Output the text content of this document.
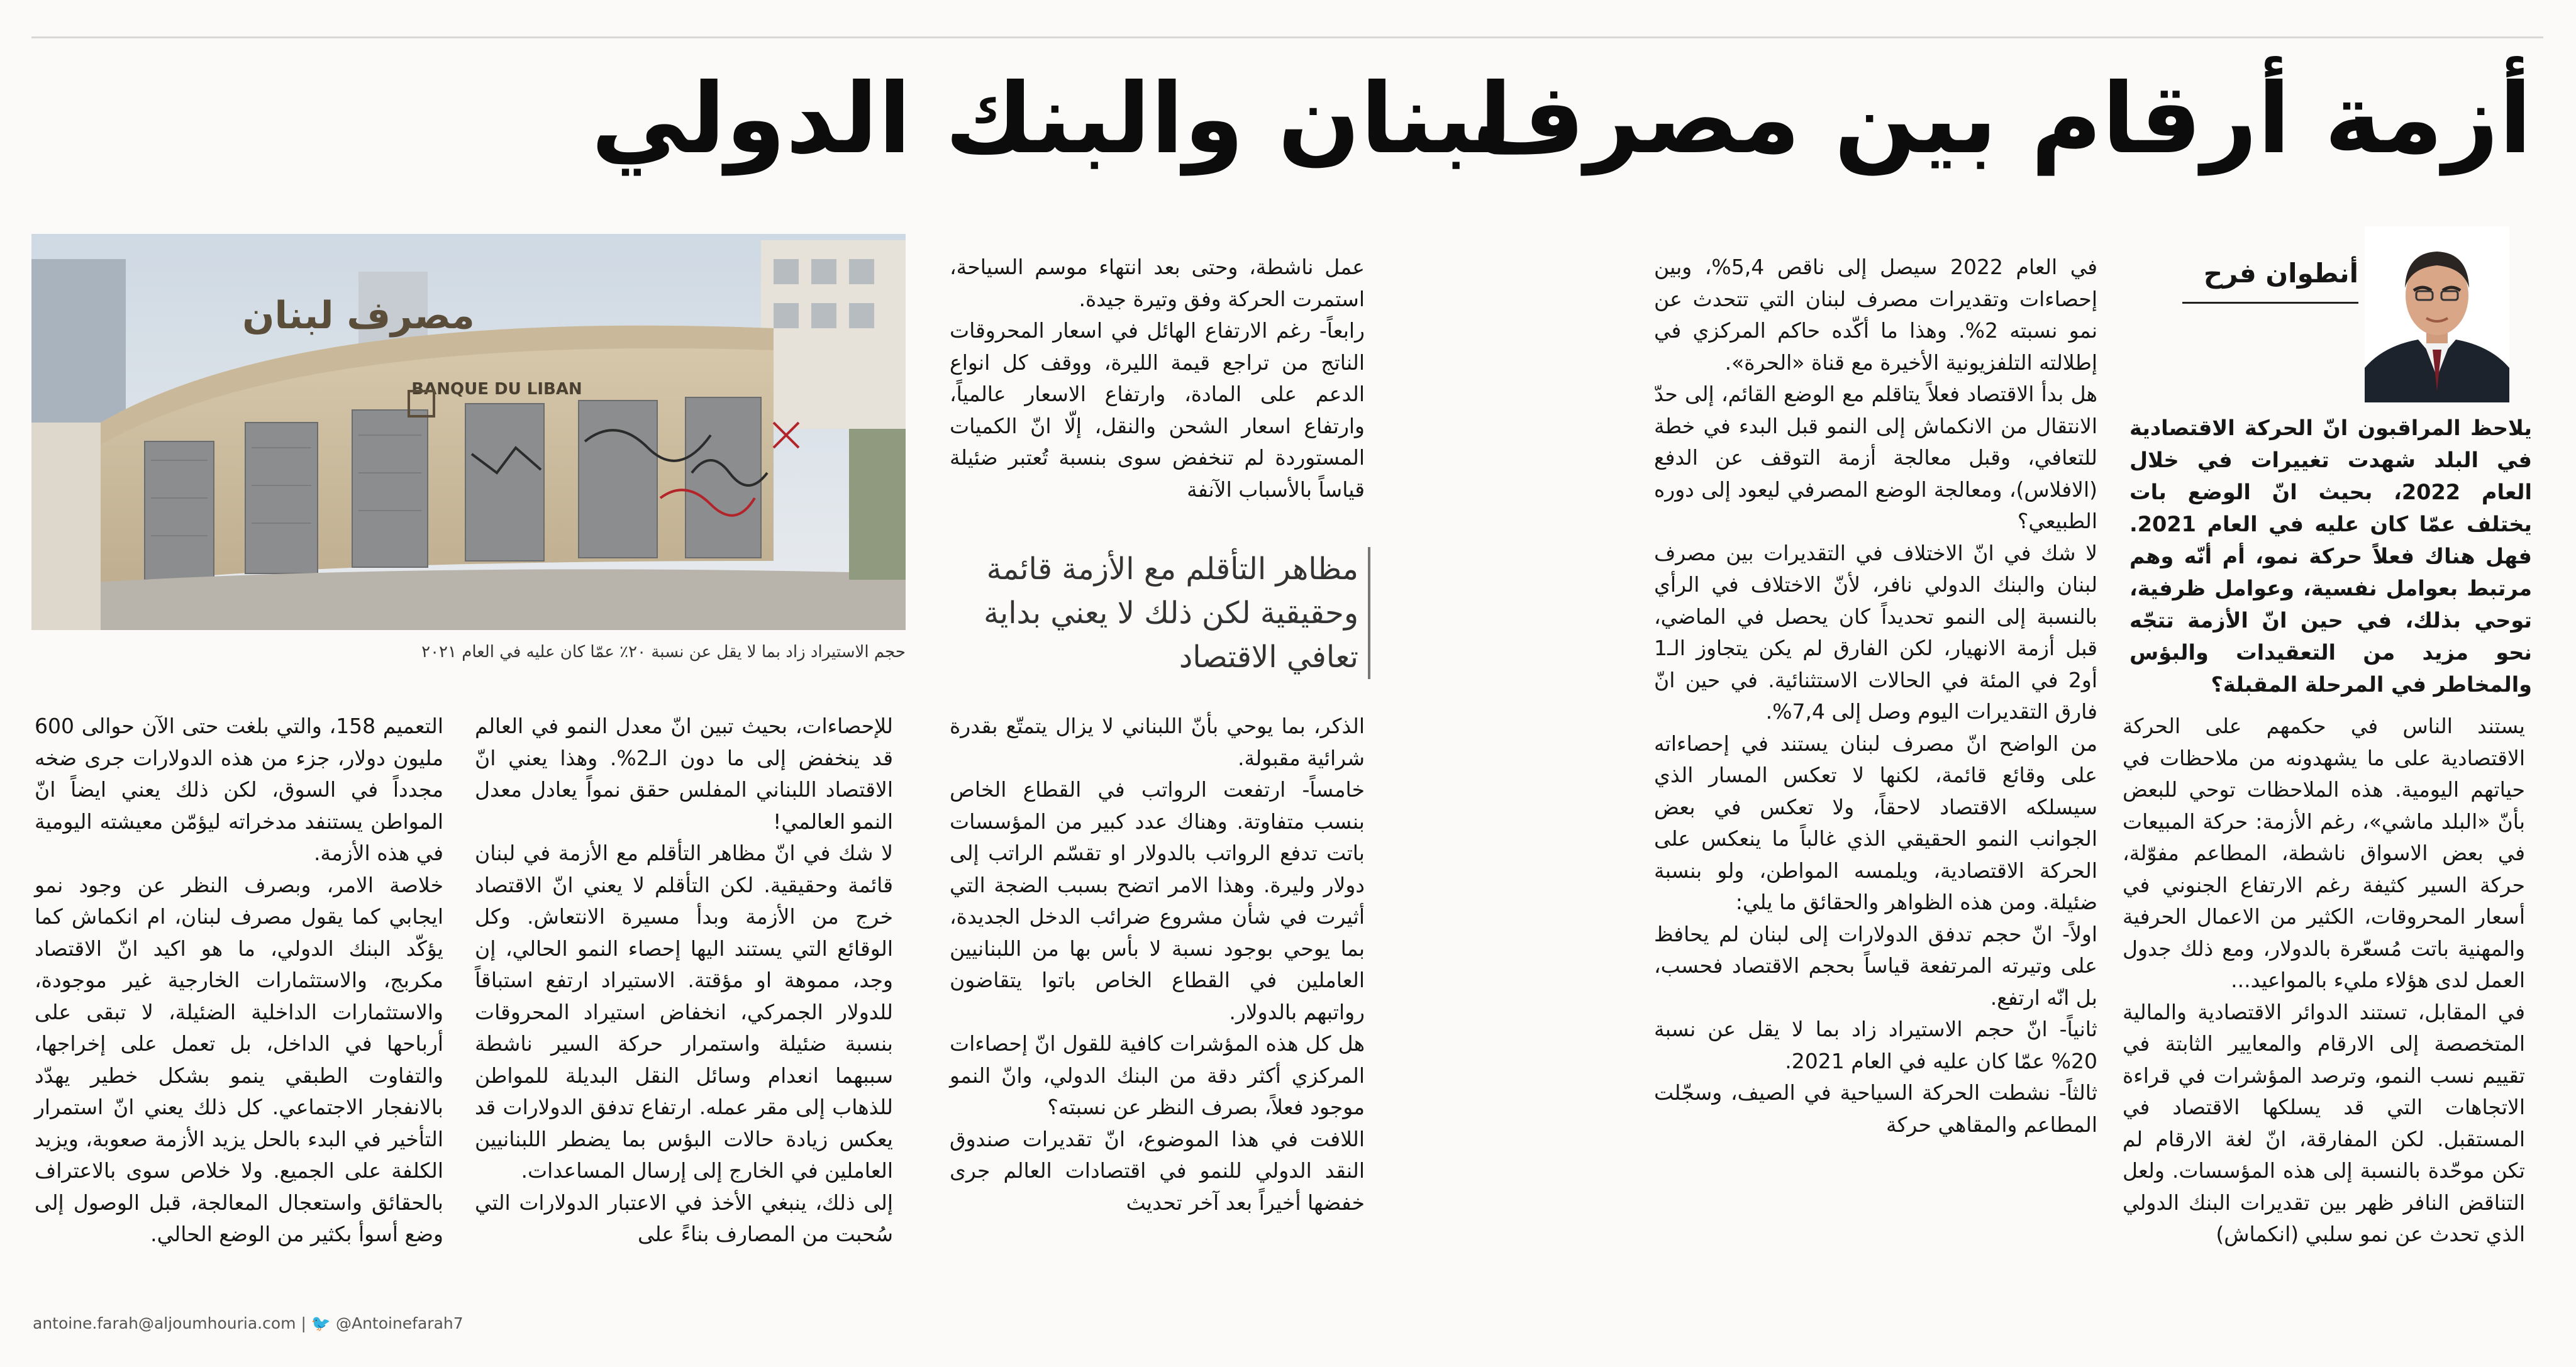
أزمة أرقام بين مصرف
لبنان والبنك الدولي
أنطوان فرح
يلاحظ المراقبون انّ الحركة الاقتصادية في البلد شهدت تغييرات في خلال العام 2022، بحيث انّ الوضع بات يختلف عمّا كان عليه في العام 2021. فهل هناك فعلاً حركة نمو، أم أنّه وهم مرتبط بعوامل نفسية، وعوامل ظرفية، توحي بذلك، في حين انّ الأزمة تتجّه نحو مزيد من التعقيدات والبؤس والمخاطر في المرحلة المقبلة؟

يستند الناس في حكمهم على الحركة الاقتصادية على ما يشهدونه من ملاحظات في حياتهم اليومية. هذه الملاحظات توحي للبعض بأنّ «البلد ماشي»، رغم الأزمة: حركة المبيعات في بعض الاسواق ناشطة، المطاعم مفوّلة، حركة السير كثيفة رغم الارتفاع الجنوني في أسعار المحروقات، الكثير من الاعمال الحرفية والمهنية باتت مُسعّرة بالدولار، ومع ذلك جدول العمل لدى هؤلاء مليء بالمواعيد...

في المقابل، تستند الدوائر الاقتصادية والمالية المتخصصة إلى الارقام والمعايير الثابتة في تقييم نسب النمو، وترصد المؤشرات في قراءة الاتجاهات التي قد يسلكها الاقتصاد في المستقبل. لكن المفارقة، انّ لغة الارقام لم تكن موحّدة بالنسبة إلى هذه المؤسسات. ولعل التناقض النافر ظهر بين تقديرات البنك الدولي الذي تحدث عن نمو سلبي (انكماش)

في العام 2022 سيصل إلى ناقص 5,4%، وبين إحصاءات وتقديرات مصرف لبنان التي تتحدث عن نمو نسبته 2%. وهذا ما أكّده حاكم المركزي في إطلالته التلفزيونية الأخيرة مع قناة «الحرة».

هل بدأ الاقتصاد فعلاً يتاقلم مع الوضع القائم، إلى حدّ الانتقال من الانكماش إلى النمو قبل البدء في خطة للتعافي، وقبل معالجة أزمة التوقف عن الدفع (الافلاس)، ومعالجة الوضع المصرفي ليعود إلى دوره الطبيعي؟

لا شك في انّ الاختلاف في التقديرات بين مصرف لبنان والبنك الدولي نافر، لأنّ الاختلاف في الرأي بالنسبة إلى النمو تحديداً كان يحصل في الماضي، قبل أزمة الانهيار، لكن الفارق لم يكن يتجاوز الـ1 أو2 في المئة في الحالات الاستثنائية. في حين انّ فارق التقديرات اليوم وصل إلى 7,4%.

من الواضح انّ مصرف لبنان يستند في إحصاءاته على وقائع قائمة، لكنها لا تعكس المسار الذي سيسلكه الاقتصاد لاحقاً، ولا تعكس في بعض الجوانب النمو الحقيقي الذي غالباً ما ينعكس على الحركة الاقتصادية، ويلمسه المواطن، ولو بنسبة ضئيلة. ومن هذه الظواهر والحقائق ما يلي:

اولاً- انّ حجم تدفق الدولارات إلى لبنان لم يحافظ على وتيرته المرتفعة قياساً بحجم الاقتصاد فحسب، بل انّه ارتفع.

ثانياً- انّ حجم الاستيراد زاد بما لا يقل عن نسبة 20% عمّا كان عليه في العام 2021.

ثالثاً- نشطت الحركة السياحية في الصيف، وسجّلت المطاعم والمقاهي حركة

عمل ناشطة، وحتى بعد انتهاء موسم السياحة، استمرت الحركة وفق وتيرة جيدة.

رابعاً- رغم الارتفاع الهائل في اسعار المحروقات الناتج من تراجع قيمة الليرة، ووقف كل انواع الدعم على المادة، وارتفاع الاسعار عالمياً، وارتفاع اسعار الشحن والنقل، إلّا انّ الكميات المستوردة لم تنخفض سوى بنسبة تُعتبر ضئيلة قياساً بالأسباب الآنفة

مظاهر التأقلم مع الأزمة قائمة وحقيقية لكن ذلك لا يعني بداية تعافي الاقتصاد

الذكر، بما يوحي بأنّ اللبناني لا يزال يتمتّع بقدرة شرائية مقبولة.

خامساً- ارتفعت الرواتب في القطاع الخاص بنسب متفاوتة. وهناك عدد كبير من المؤسسات باتت تدفع الرواتب بالدولار او تقسّم الراتب إلى دولار وليرة. وهذا الامر اتضح بسبب الضجة التي أثيرت في شأن مشروع ضرائب الدخل الجديدة، بما يوحي بوجود نسبة لا بأس بها من اللبنانيين العاملين في القطاع الخاص باتوا يتقاضون رواتبهم بالدولار.

هل كل هذه المؤشرات كافية للقول انّ إحصاءات المركزي أكثر دقة من البنك الدولي، وانّ النمو موجود فعلاً، بصرف النظر عن نسبته؟

اللافت في هذا الموضوع، انّ تقديرات صندوق النقد الدولي للنمو في اقتصادات العالم جرى خفضها أخيراً بعد آخر تحديث

BANQUE DU LIBAN
مصرف لبنان
حجم الاستيراد زاد بما لا يقل عن نسبة ٢٠٪ عمّا كان عليه في العام ٢٠٢١

للإحصاءات، بحيث تبين انّ معدل النمو في العالم قد ينخفض إلى ما دون الـ2%. وهذا يعني انّ الاقتصاد اللبناني المفلس حقق نمواً يعادل معدل النمو العالمي!

لا شك في انّ مظاهر التأقلم مع الأزمة في لبنان قائمة وحقيقية. لكن التأقلم لا يعني انّ الاقتصاد خرج من الأزمة وبدأ مسيرة الانتعاش. وكل الوقائع التي يستند اليها إحصاء النمو الحالي، إن وجد، مموهة او مؤقتة. الاستيراد ارتفع استباقاً للدولار الجمركي، انخفاض استيراد المحروقات بنسبة ضئيلة واستمرار حركة السير ناشطة سببهما انعدام وسائل النقل البديلة للمواطن للذهاب إلى مقر عمله. ارتفاع تدفق الدولارات قد يعكس زيادة حالات البؤس بما يضطر اللبنانيين العاملين في الخارج إلى إرسال المساعدات.

إلى ذلك، ينبغي الأخذ في الاعتبار الدولارات التي سُحبت من المصارف بناءً على

التعميم 158، والتي بلغت حتى الآن حوالى 600 مليون دولار، جزء من هذه الدولارات جرى ضخه مجدداً في السوق، لكن ذلك يعني ايضاً انّ المواطن يستنفد مدخراته ليؤمّن معيشته اليومية في هذه الأزمة.

خلاصة الامر، وبصرف النظر عن وجود نمو ايجابي كما يقول مصرف لبنان، ام انكماش كما يؤكّد البنك الدولي، ما هو اكيد انّ الاقتصاد مكربج، والاستثمارات الخارجية غير موجودة، والاستثمارات الداخلية الضئيلة، لا تبقى على أرباحها في الداخل، بل تعمل على إخراجها، والتفاوت الطبقي ينمو بشكل خطير يهدّد بالانفجار الاجتماعي. كل ذلك يعني انّ استمرار التأخير في البدء بالحل يزيد الأزمة صعوبة، ويزيد الكلفة على الجميع. ولا خلاص سوى بالاعتراف بالحقائق واستعجال المعالجة، قبل الوصول إلى وضع أسوأ بكثير من الوضع الحالي.

antoine.farah@aljoumhouria.com | 🐦 @Antoinefarah7
